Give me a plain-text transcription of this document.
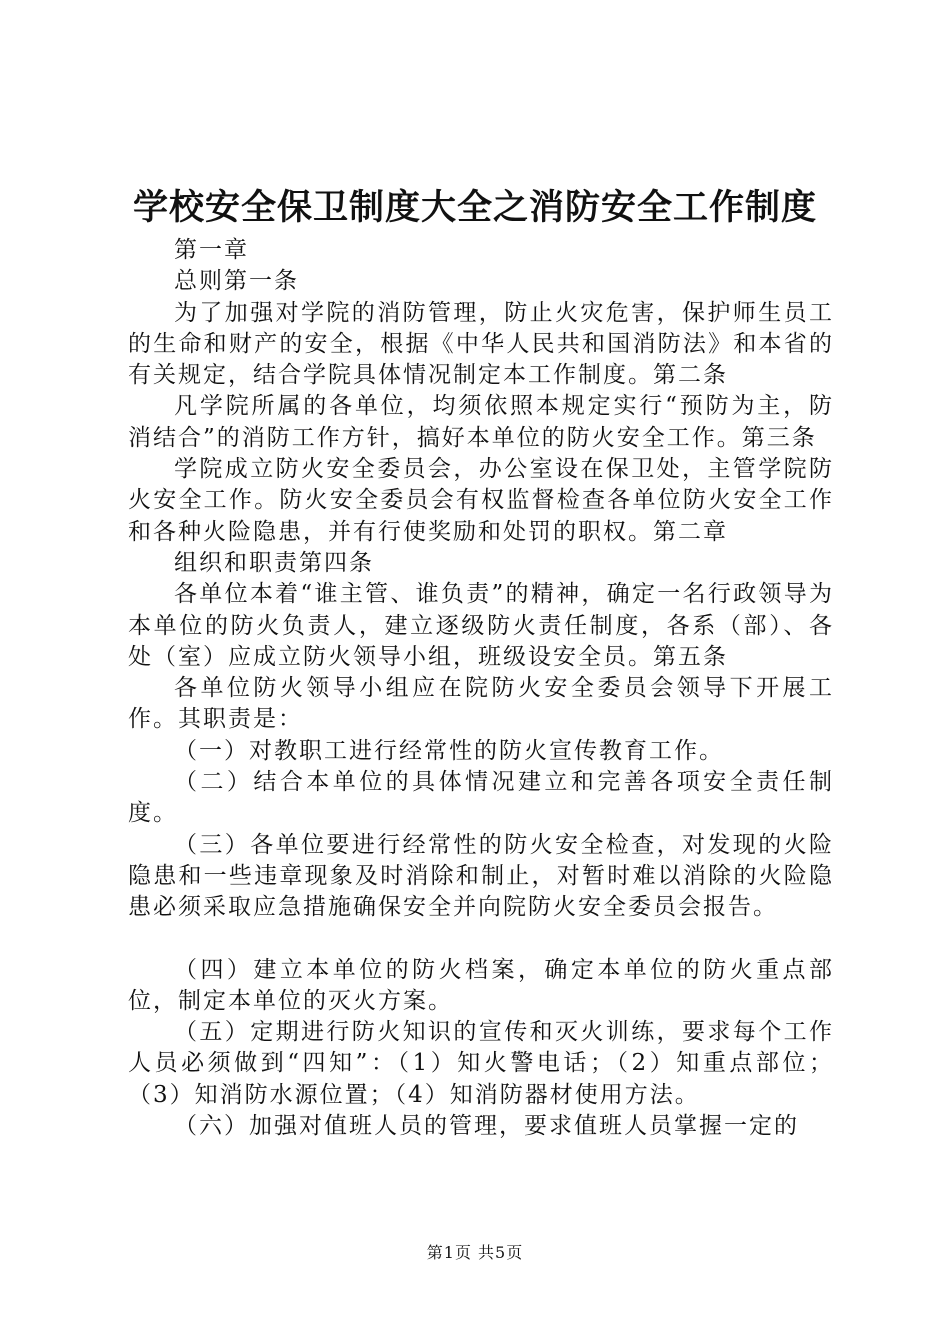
学校安全保卫制度大全之消防安全工作制度

第一章

总则第一条

为了加强对学院的消防管理，防止火灾危害，保护师生员工的生命和财产的安全，根据《中华人民共和国消防法》和本省的有关规定，结合学院具体情况制定本工作制度。第二条

凡学院所属的各单位，均须依照本规定实行“预防为主，防消结合”的消防工作方针，搞好本单位的防火安全工作。第三条

学院成立防火安全委员会，办公室设在保卫处，主管学院防火安全工作。防火安全委员会有权监督检查各单位防火安全工作和各种火险隐患，并有行使奖励和处罚的职权。第二章

组织和职责第四条

各单位本着“谁主管、谁负责”的精神，确定一名行政领导为本单位的防火负责人，建立逐级防火责任制度，各系（部）、各处（室）应成立防火领导小组，班级设安全员。第五条

各单位防火领导小组应在院防火安全委员会领导下开展工作。其职责是：

（一）对教职工进行经常性的防火宣传教育工作。

（二）结合本单位的具体情况建立和完善各项安全责任制度。

（三）各单位要进行经常性的防火安全检查，对发现的火险隐患和一些违章现象及时消除和制止，对暂时难以消除的火险隐患必须采取应急措施确保安全并向院防火安全委员会报告。

（四）建立本单位的防火档案，确定本单位的防火重点部位，制定本单位的灭火方案。

（五）定期进行防火知识的宣传和灭火训练，要求每个工作人员必须做到“四知”：（1）知火警电话；（2）知重点部位；（3）知消防水源位置；（4）知消防器材使用方法。

（六）加强对值班人员的管理，要求值班人员掌握一定的

第1页 共5页
